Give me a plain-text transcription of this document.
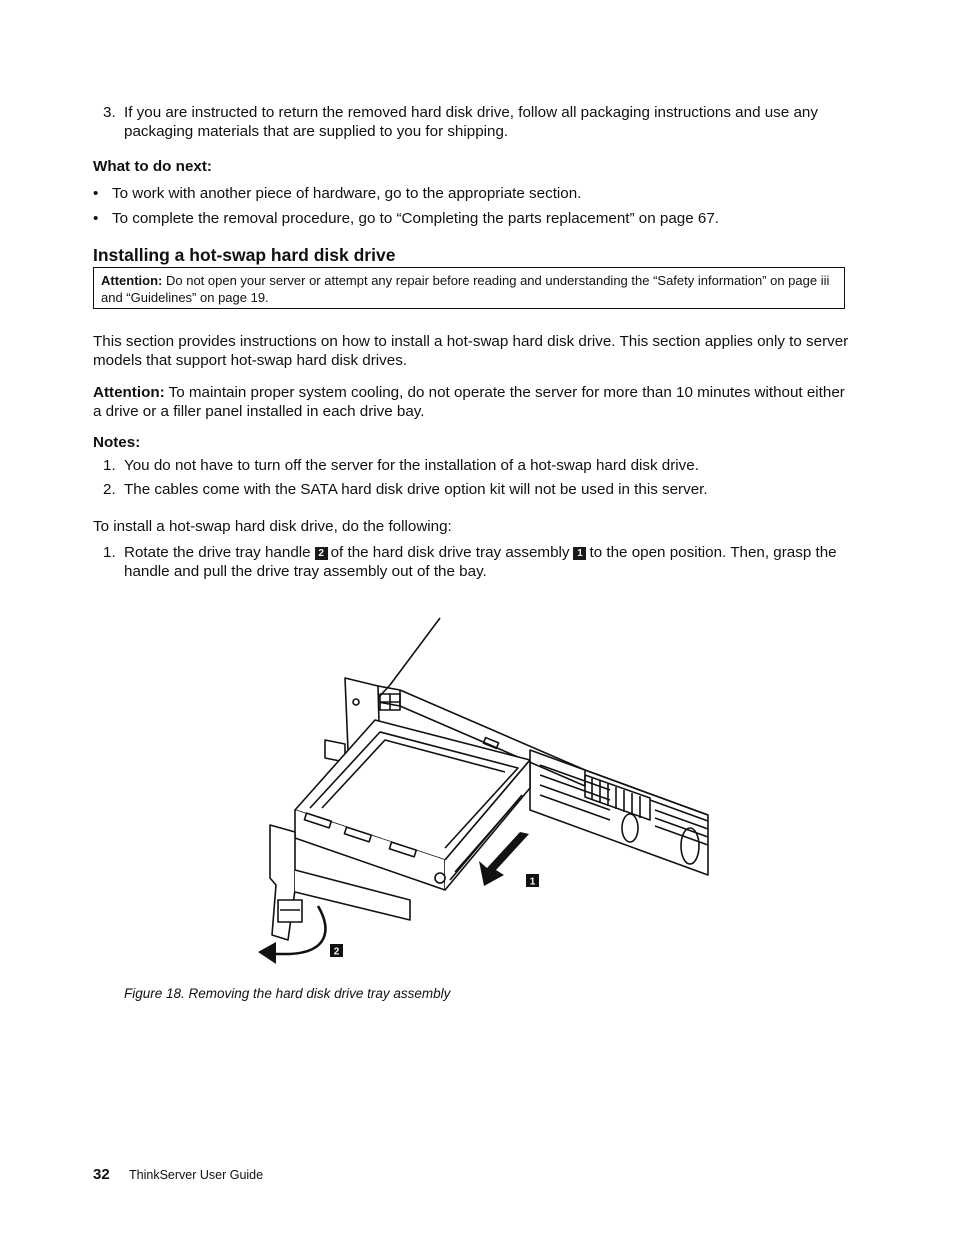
3. If you are instructed to return the removed hard disk drive, follow all packaging instructions and use any packaging materials that are supplied to you for shipping.
What to do next:
• To work with another piece of hardware, go to the appropriate section.
• To complete the removal procedure, go to “Completing the parts replacement” on page 67.
Installing a hot-swap hard disk drive
Attention: Do not open your server or attempt any repair before reading and understanding the “Safety information” on page iii and “Guidelines” on page 19.
This section provides instructions on how to install a hot-swap hard disk drive. This section applies only to server models that support hot-swap hard disk drives.
Attention: To maintain proper system cooling, do not operate the server for more than 10 minutes without either a drive or a filler panel installed in each drive bay.
Notes:
1. You do not have to turn off the server for the installation of a hot-swap hard disk drive.
2. The cables come with the SATA hard disk drive option kit will not be used in this server.
To install a hot-swap hard disk drive, do the following:
1. Rotate the drive tray handle 2 of the hard disk drive tray assembly 1 to the open position. Then, grasp the handle and pull the drive tray assembly out of the bay.
1
2
Figure 18. Removing the hard disk drive tray assembly
32 ThinkServer User Guide
